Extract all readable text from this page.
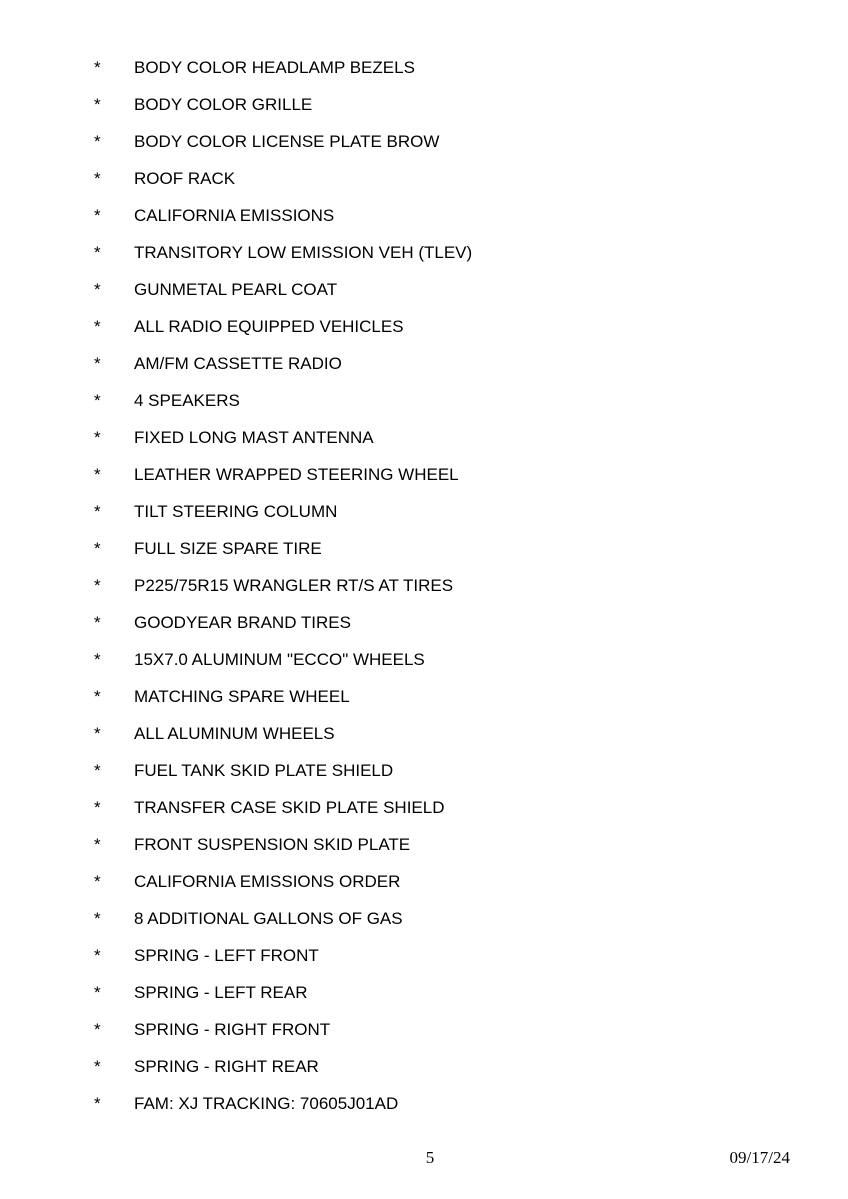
*	BODY COLOR HEADLAMP BEZELS
*	BODY COLOR GRILLE
*	BODY COLOR LICENSE PLATE BROW
*	ROOF RACK
*	CALIFORNIA EMISSIONS
*	TRANSITORY LOW EMISSION VEH (TLEV)
*	GUNMETAL PEARL COAT
*	ALL RADIO EQUIPPED VEHICLES
*	AM/FM CASSETTE RADIO
*	4 SPEAKERS
*	FIXED LONG MAST ANTENNA
*	LEATHER WRAPPED STEERING WHEEL
*	TILT STEERING COLUMN
*	FULL SIZE SPARE TIRE
*	P225/75R15 WRANGLER RT/S AT TIRES
*	GOODYEAR BRAND TIRES
*	15X7.0 ALUMINUM "ECCO" WHEELS
*	MATCHING SPARE WHEEL
*	ALL ALUMINUM WHEELS
*	FUEL TANK SKID PLATE SHIELD
*	TRANSFER CASE SKID PLATE SHIELD
*	FRONT SUSPENSION SKID PLATE
*	CALIFORNIA EMISSIONS ORDER
*	8 ADDITIONAL GALLONS OF GAS
*	SPRING - LEFT FRONT
*	SPRING - LEFT REAR
*	SPRING - RIGHT FRONT
*	SPRING - RIGHT REAR
*	FAM: XJ TRACKING: 70605J01AD
5	09/17/24
